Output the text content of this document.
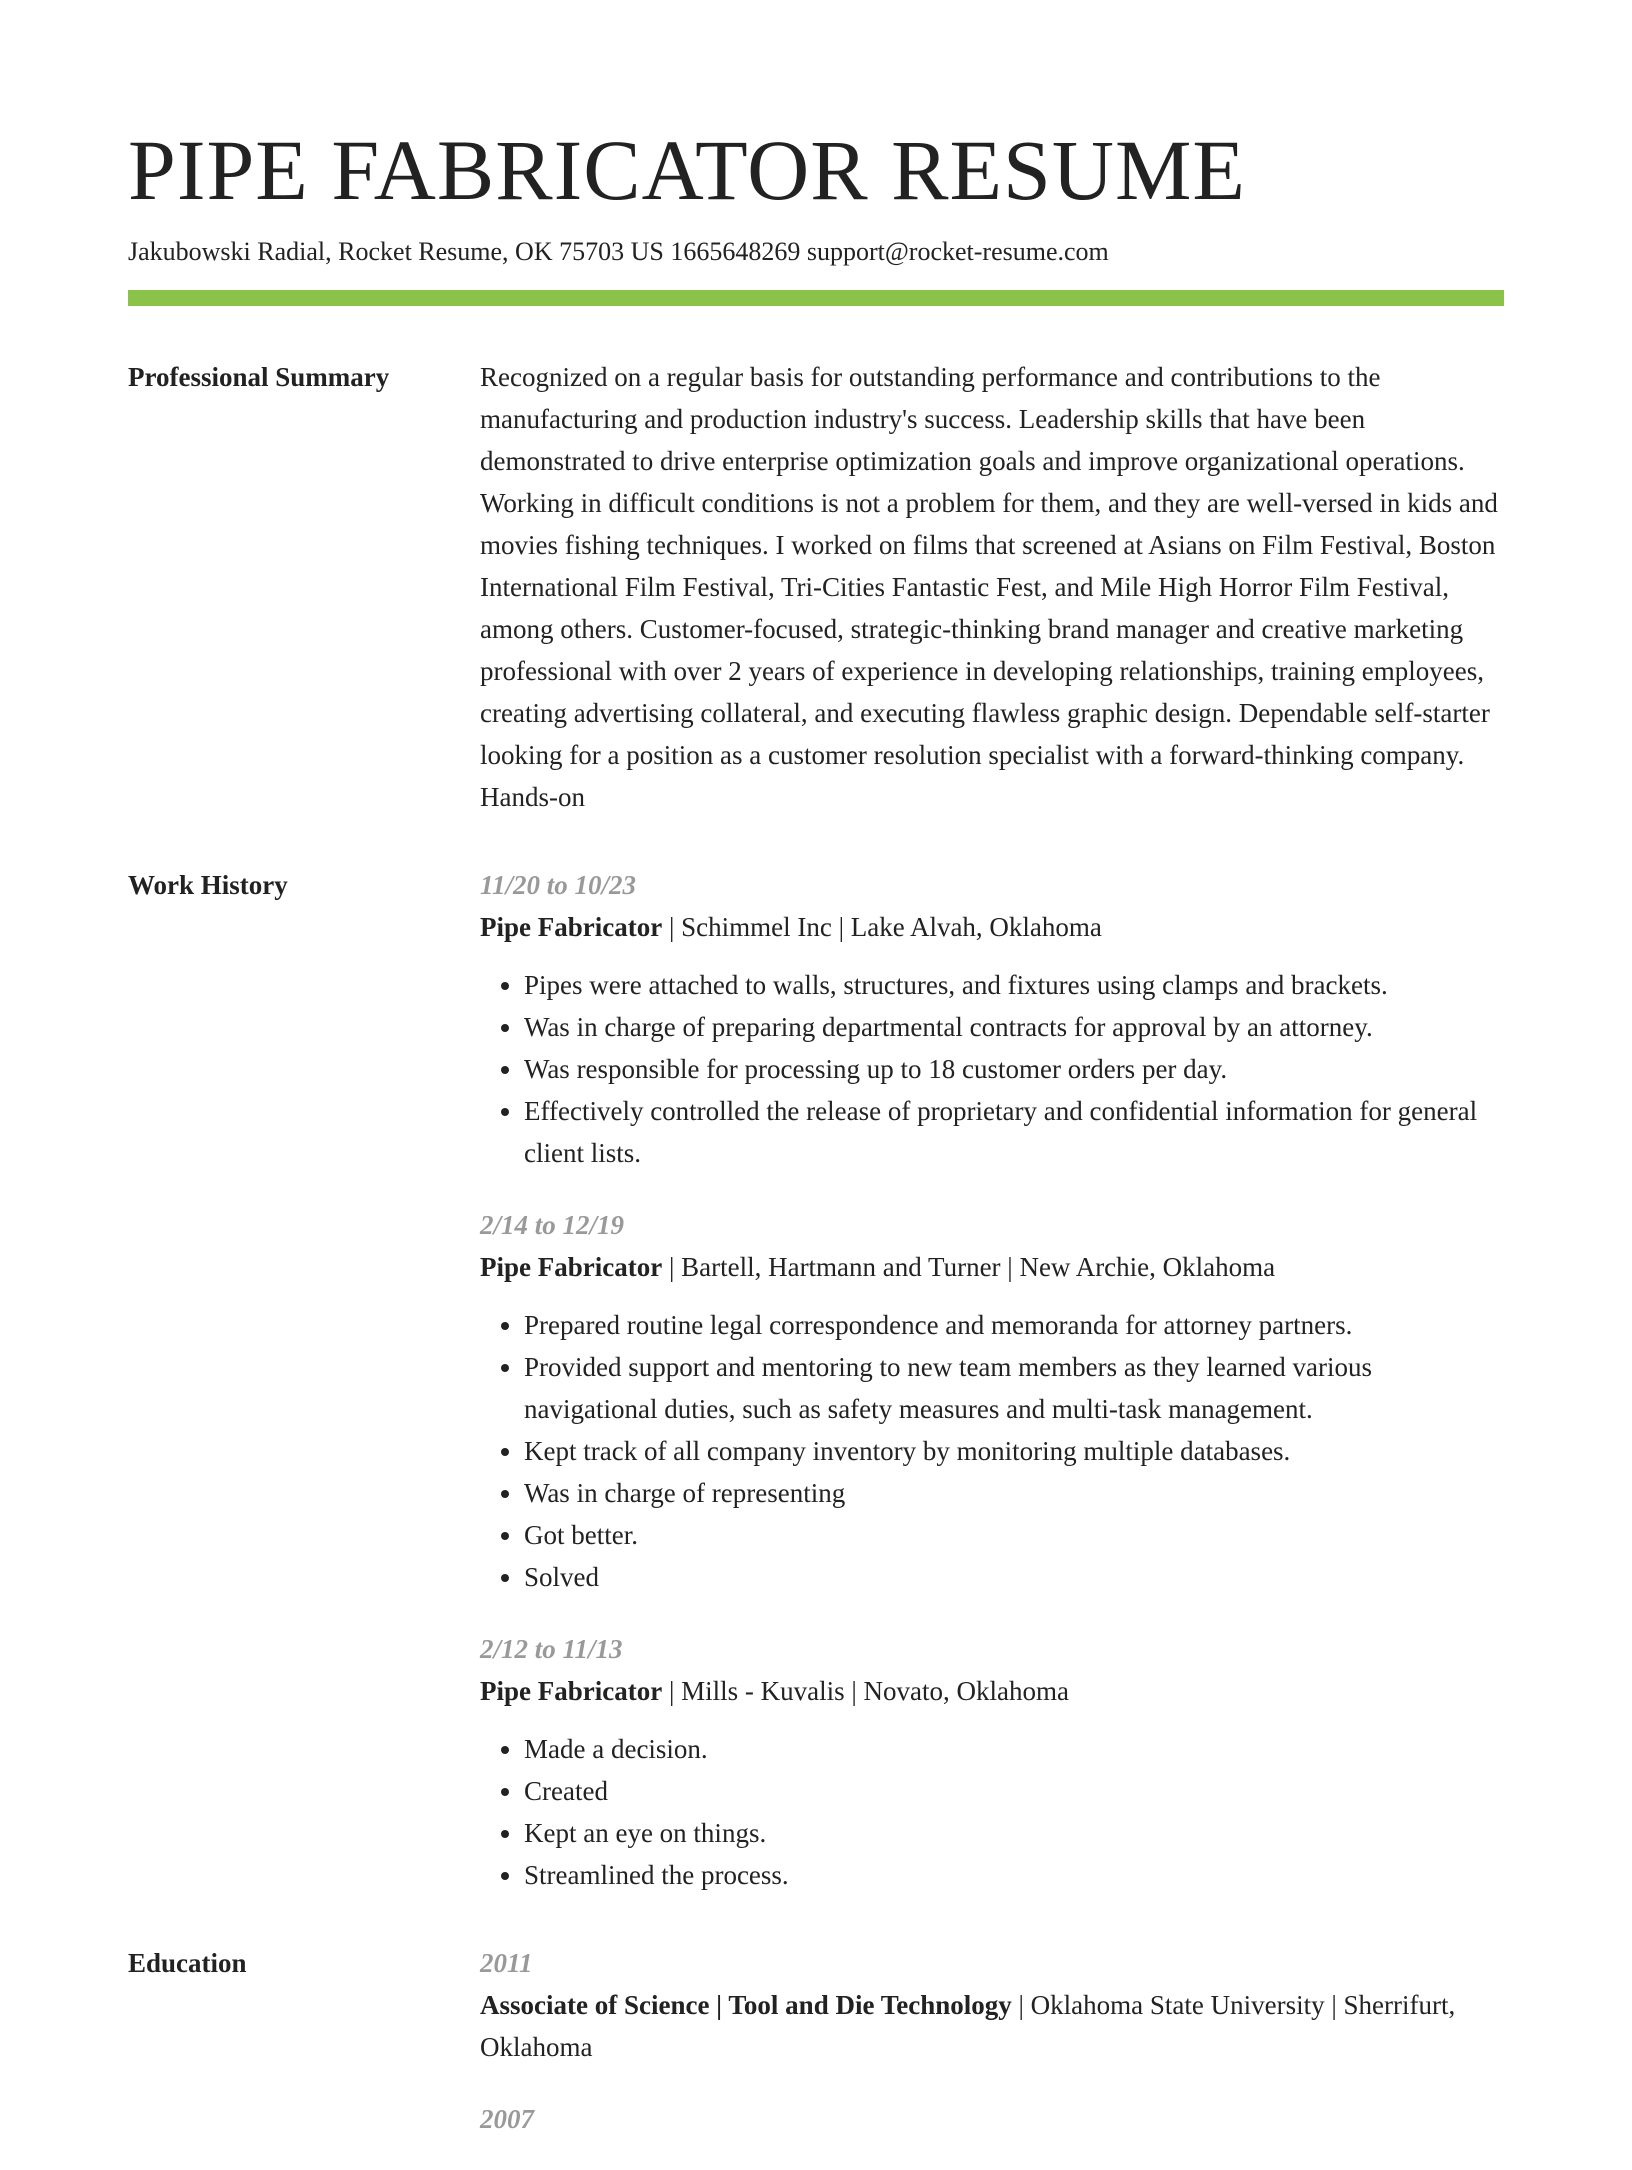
PIPE FABRICATOR RESUME
Jakubowski Radial, Rocket Resume, OK 75703 US 1665648269 support@rocket-resume.com
Professional Summary	Recognized on a regular basis for outstanding performance and contributions to the manufacturing and production industry's success. Leadership skills that have been demonstrated to drive enterprise optimization goals and improve organizational operations. Working in difficult conditions is not a problem for them, and they are well-versed in kids and movies fishing techniques. I worked on films that screened at Asians on Film Festival, Boston International Film Festival, Tri-Cities Fantastic Fest, and Mile High Horror Film Festival, among others. Customer-focused, strategic-thinking brand manager and creative marketing professional with over 2 years of experience in developing relationships, training employees, creating advertising collateral, and executing flawless graphic design. Dependable self-starter looking for a position as a customer resolution specialist with a forward-thinking company. Hands-on

Work History	11/20 to 10/23
Pipe Fabricator | Schimmel Inc | Lake Alvah, Oklahoma
• Pipes were attached to walls, structures, and fixtures using clamps and brackets.
• Was in charge of preparing departmental contracts for approval by an attorney.
• Was responsible for processing up to 18 customer orders per day.
• Effectively controlled the release of proprietary and confidential information for general client lists.
2/14 to 12/19
Pipe Fabricator | Bartell, Hartmann and Turner | New Archie, Oklahoma
• Prepared routine legal correspondence and memoranda for attorney partners.
• Provided support and mentoring to new team members as they learned various navigational duties, such as safety measures and multi-task management.
• Kept track of all company inventory by monitoring multiple databases.
• Was in charge of representing
• Got better.
• Solved
2/12 to 11/13
Pipe Fabricator | Mills - Kuvalis | Novato, Oklahoma
• Made a decision.
• Created
• Kept an eye on things.
• Streamlined the process.
Education	2011
Associate of Science | Tool and Die Technology | Oklahoma State University | Sherrifurt, Oklahoma
2007
